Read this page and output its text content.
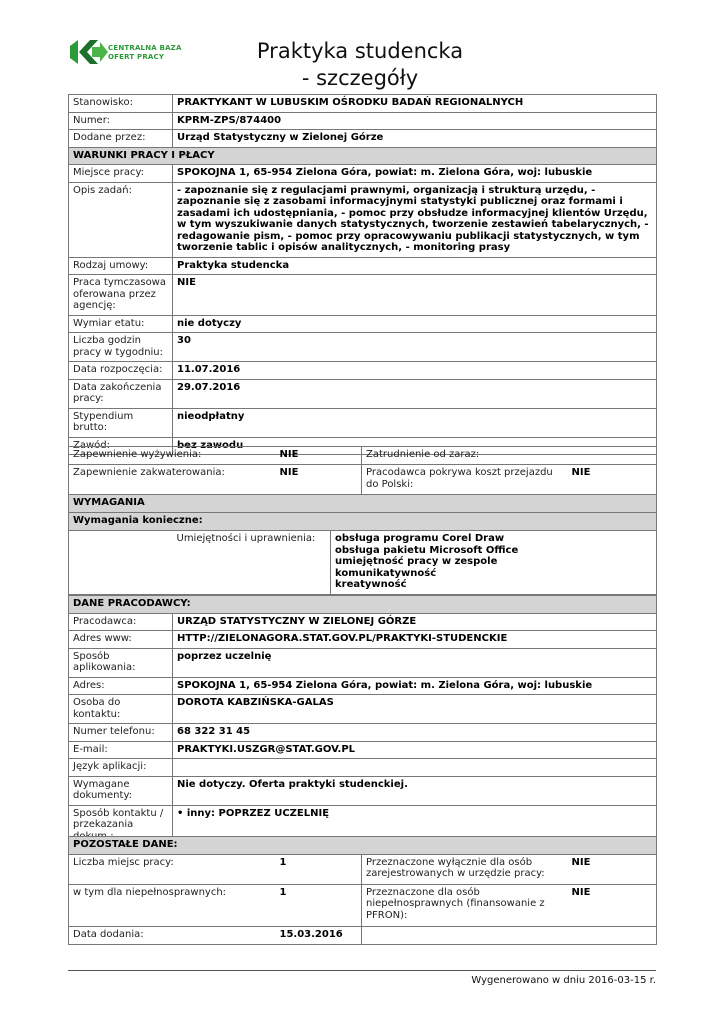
CENTRALNA BAZA
OFERT PRACY	Praktyka studencka
- szczegóły
Stanowisko:	PRAKTYKANT W LUBUSKIM OŚRODKU BADAŃ REGIONALNYCH
Numer:	KPRM-ZPS/874400
Dodane przez:	Urząd Statystyczny w Zielonej Górze
WARUNKI PRACY I PŁACY	
Miejsce pracy:	SPOKOJNA 1, 65-954 Zielona Góra, powiat: m. Zielona Góra, woj: lubuskie
Opis zadań:	- zapoznanie się z regulacjami prawnymi, organizacją i strukturą urzędu, - zapoznanie się z zasobami informacyjnymi statystyki publicznej oraz formami i zasadami ich udostępniania, - pomoc przy obsłudze informacyjnej klientów Urzędu, w tym wyszukiwanie danych statystycznych, tworzenie zestawień tabelarycznych, - redagowanie pism, - pomoc przy opracowywaniu publikacji statystycznych, w tym tworzenie tablic i opisów analitycznych, - monitoring prasy
Rodzaj umowy:	Praktyka studencka
Praca tymczasowa oferowana przez agencję:	NIE
Wymiar etatu:	nie dotyczy
Liczba godzin pracy w tygodniu:	30
Data rozpoczęcia:	11.07.2016
Data zakończenia pracy:	29.07.2016
Stypendium brutto:	nieodpłatny
Zawód:	bez zawodu
Zapewnienie wyżywienia:	NIE	Zatrudnienie od zaraz:	
Zapewnienie zakwaterowania:	NIE	Pracodawca pokrywa koszt przejazdu do Polski:	NIE
WYMAGANIA
Wymagania konieczne:
	Umiejętności i uprawnienia:	obsługa programu Corel Draw
obsługa pakietu Microsoft Office
umiejętność pracy w zespole
komunikatywność
kreatywność
DANE PRACODAWCY:	
Pracodawca:	URZĄD STATYSTYCZNY W ZIELONEJ GÓRZE
Adres www:	HTTP://ZIELONAGORA.STAT.GOV.PL/PRAKTYKI-STUDENCKIE
Sposób aplikowania:	poprzez uczelnię
Adres:	SPOKOJNA 1, 65-954 Zielona Góra, powiat: m. Zielona Góra, woj: lubuskie
Osoba do kontaktu:	DOROTA KABZIŃSKA-GALAS
Numer telefonu:	68 322 31 45
E-mail:	PRAKTYKI.USZGR@STAT.GOV.PL
Język aplikacji:	
Wymagane dokumenty:	Nie dotyczy. Oferta praktyki studenckiej.
Sposób kontaktu / przekazania	• inny: POPRZEZ UCZELNIĘ
POZOSTAŁE DANE:			
Liczba miejsc pracy:	1	Przeznaczone wyłącznie dla osób zarejestrowanych w urzędzie pracy:	NIE
w tym dla niepełnosprawnych:	1	Przeznaczone dla osób niepełnosprawnych (finansowanie z PFRON):	NIE
Data dodania:	15.03.2016		
Wygenerowano w dniu 2016-03-15 r.
